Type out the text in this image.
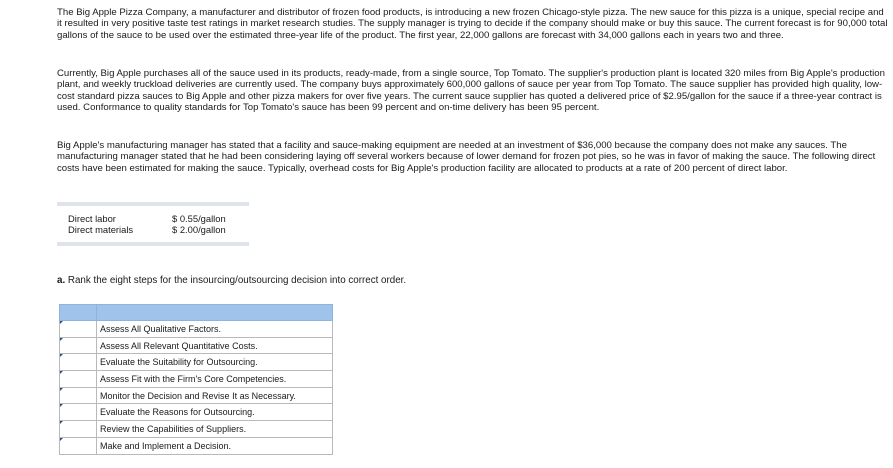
The Big Apple Pizza Company, a manufacturer and distributor of frozen food products, is introducing a new frozen Chicago-style pizza. The new sauce for this pizza is a unique, special recipe and it resulted in very positive taste test ratings in market research studies. The supply manager is trying to decide if the company should make or buy this sauce. The current forecast is for 90,000 total gallons of the sauce to be used over the estimated three-year life of the product. The first year, 22,000 gallons are forecast with 34,000 gallons each in years two and three.

Currently, Big Apple purchases all of the sauce used in its products, ready-made, from a single source, Top Tomato. The supplier's production plant is located 320 miles from Big Apple's production plant, and weekly truckload deliveries are currently used. The company buys approximately 600,000 gallons of sauce per year from Top Tomato. The sauce supplier has provided high quality, low-cost standard pizza sauces to Big Apple and other pizza makers for over five years. The current sauce supplier has quoted a delivered price of $2.95/gallon for the sauce if a three-year contract is used. Conformance to quality standards for Top Tomato's sauce has been 99 percent and on-time delivery has been 95 percent.

Big Apple's manufacturing manager has stated that a facility and sauce-making equipment are needed at an investment of $36,000 because the company does not make any sauces. The manufacturing manager stated that he had been considering laying off several workers because of lower demand for frozen pot pies, so he was in favor of making the sauce. The following direct costs have been estimated for making the sauce. Typically, overhead costs for Big Apple's production facility are allocated to products at a rate of 200 percent of direct labor.

Direct labor	$ 0.55/gallon
Direct materials	$ 2.00/gallon

a. Rank the eight steps for the insourcing/outsourcing decision into correct order.

	Assess All Qualitative Factors.
	Assess All Relevant Quantitative Costs.
	Evaluate the Suitability for Outsourcing.
	Assess Fit with the Firm's Core Competencies.
	Monitor the Decision and Revise It as Necessary.
	Evaluate the Reasons for Outsourcing.
	Review the Capabilities of Suppliers.
	Make and Implement a Decision.
